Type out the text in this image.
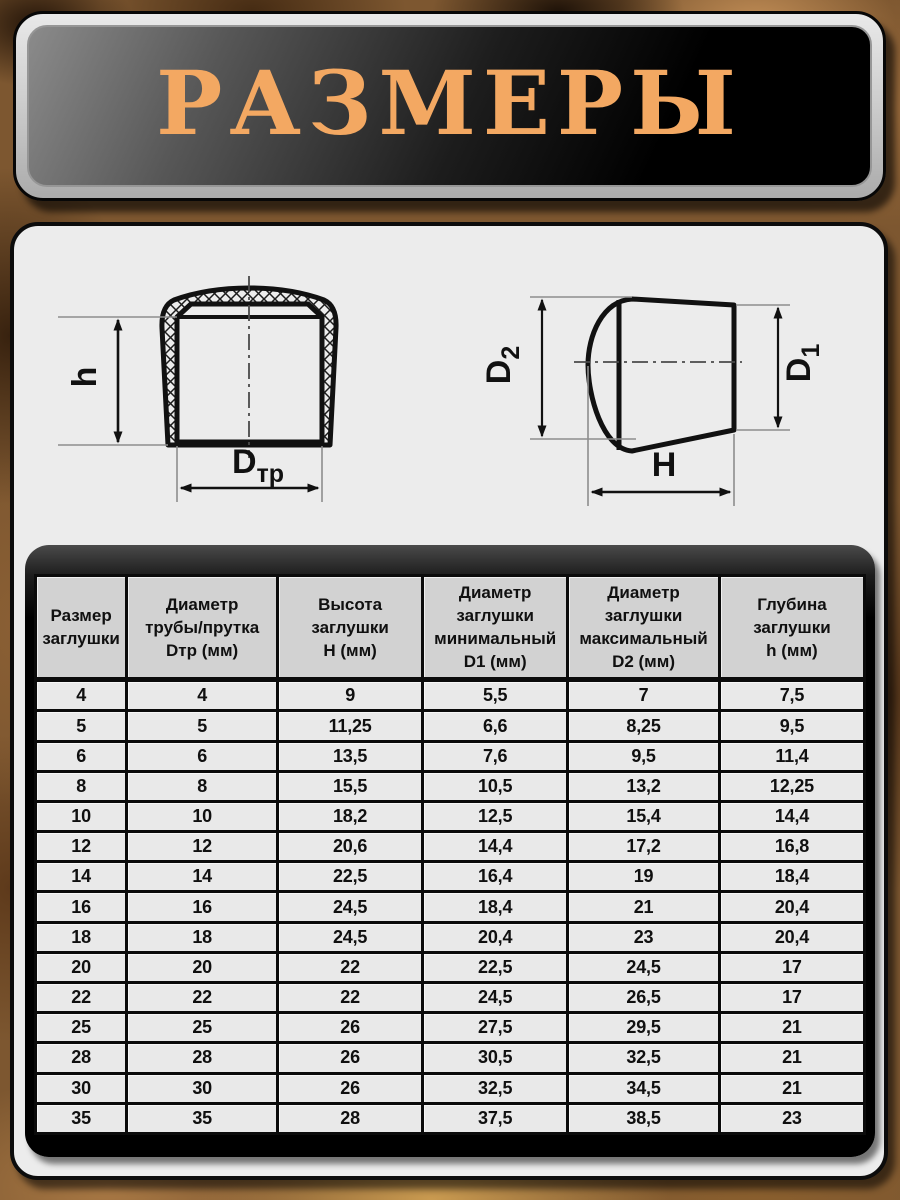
РАЗМЕРЫ
h
Dтр
D2
D1
H
Размер
заглушки

Диаметр
трубы/прутка
Dтр (мм)

Высота
заглушки
H (мм)

Диаметр
заглушки
минимальный
D1 (мм)

Диаметр
заглушки
максимальный
D2 (мм)

Глубина
заглушки
h (мм)

4	4	9	5,5	7	7,5
5	5	11,25	6,6	8,25	9,5
6	6	13,5	7,6	9,5	11,4
8	8	15,5	10,5	13,2	12,25
10	10	18,2	12,5	15,4	14,4
12	12	20,6	14,4	17,2	16,8
14	14	22,5	16,4	19	18,4
16	16	24,5	18,4	21	20,4
18	18	24,5	20,4	23	20,4
20	20	22	22,5	24,5	17
22	22	22	24,5	26,5	17
25	25	26	27,5	29,5	21
28	28	26	30,5	32,5	21
30	30	26	32,5	34,5	21
35	35	28	37,5	38,5	23
